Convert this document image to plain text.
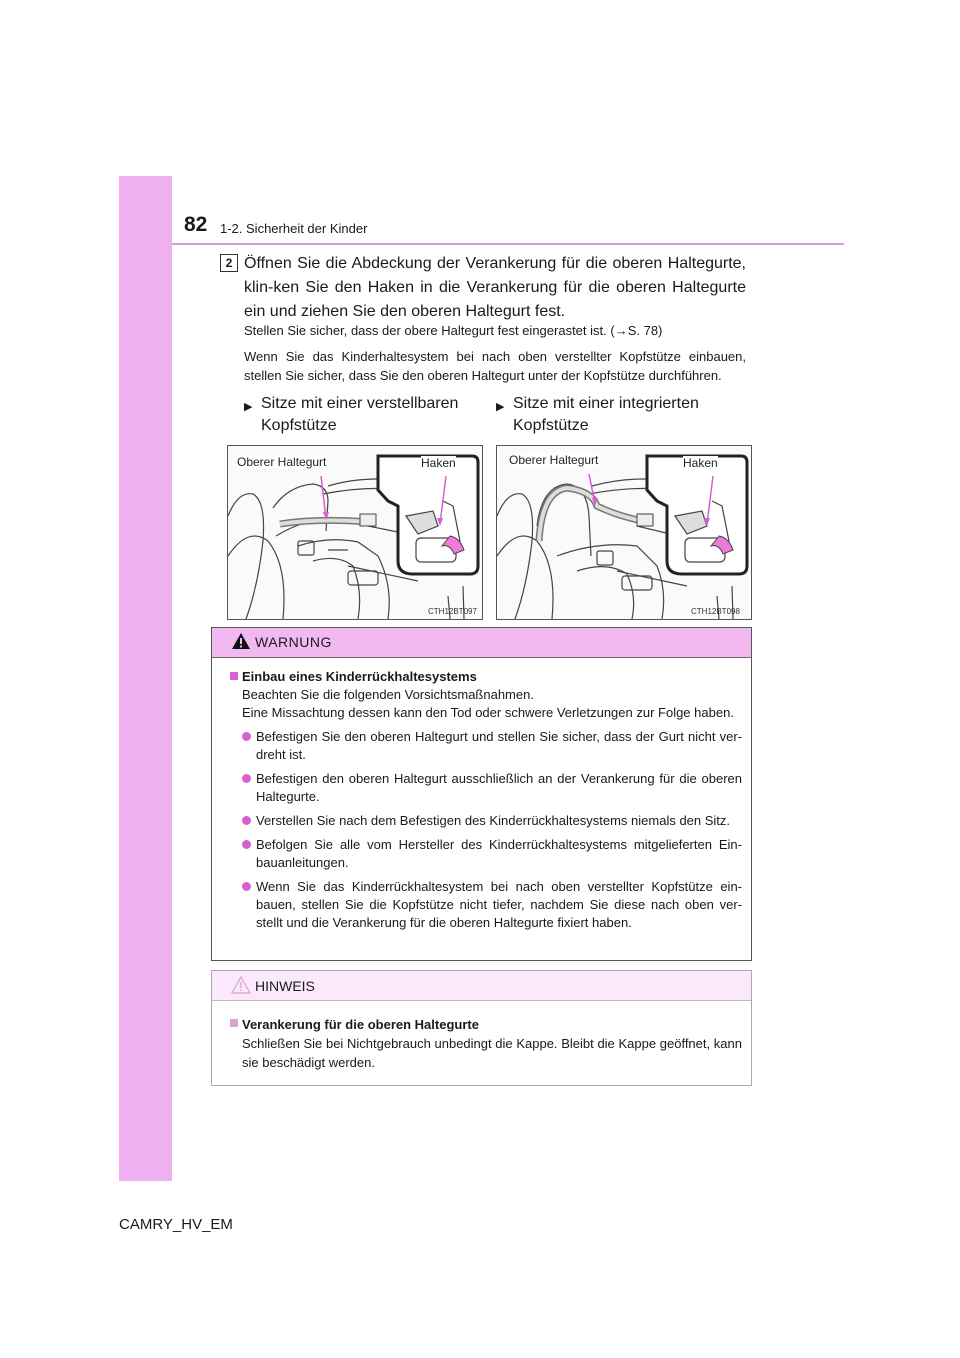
82 1-2. Sicherheit der Kinder
2 Öffnen Sie die Abdeckung der Verankerung für die oberen Haltegurte, klin-ken Sie den Haken in die Verankerung für die oberen Haltegurte ein und ziehen Sie den oberen Haltegurt fest.
Stellen Sie sicher, dass der obere Haltegurt fest eingerastet ist. (→S. 78)
Wenn Sie das Kinderhaltesystem bei nach oben verstellter Kopfstütze einbauen, stellen Sie sicher, dass Sie den oberen Haltegurt unter der Kopfstütze durchführen.
▶ Sitze mit einer verstellbaren Kopfstütze
▶ Sitze mit einer integrierten Kopfstütze
Oberer Haltegurt	Haken
CTH12BT097
Oberer Haltegurt	Haken
CTH12BT098
WARNUNG
Einbau eines Kinderrückhaltesystems
Beachten Sie die folgenden Vorsichtsmaßnahmen.
Eine Missachtung dessen kann den Tod oder schwere Verletzungen zur Folge haben.
Befestigen Sie den oberen Haltegurt und stellen Sie sicher, dass der Gurt nicht ver-dreht ist.
Befestigen den oberen Haltegurt ausschließlich an der Verankerung für die oberen Haltegurte.
Verstellen Sie nach dem Befestigen des Kinderrückhaltesystems niemals den Sitz.
Befolgen Sie alle vom Hersteller des Kinderrückhaltesystems mitgelieferten Ein-bauanleitungen.
Wenn Sie das Kinderrückhaltesystem bei nach oben verstellter Kopfstütze ein-bauen, stellen Sie die Kopfstütze nicht tiefer, nachdem Sie diese nach oben ver-stellt und die Verankerung für die oberen Haltegurte fixiert haben.
HINWEIS
Verankerung für die oberen Haltegurte
Schließen Sie bei Nichtgebrauch unbedingt die Kappe. Bleibt die Kappe geöffnet, kann sie beschädigt werden.
CAMRY_HV_EM
